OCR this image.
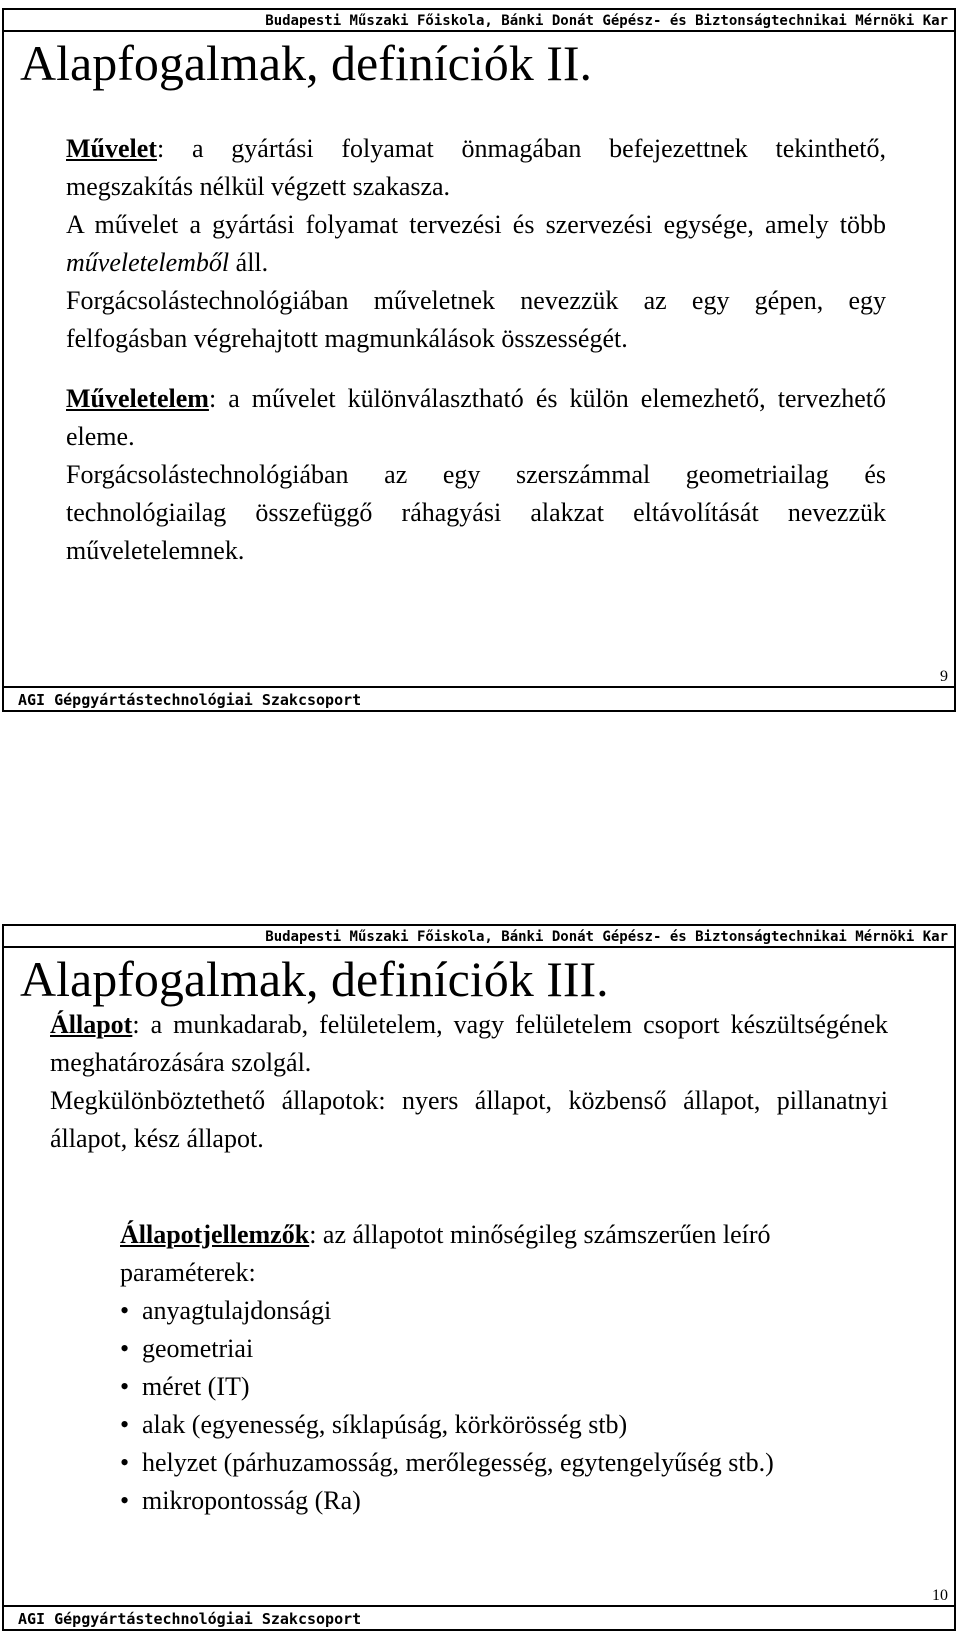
Budapesti Műszaki Főiskola, Bánki Donát Gépész- és Biztonságtechnikai Mérnöki Kar
Alapfogalmak, definíciók II.

Művelet: a gyártási folyamat önmagában befejezettnek tekinthető, megszakítás nélkül végzett szakasza.

A művelet a gyártási folyamat tervezési és szervezési egysége, amely több műveletelemből áll.

Forgácsolástechnológiában műveletnek nevezzük az egy gépen, egy felfogásban végrehajtott magmunkálások összességét.

Műveletelem: a művelet különválasztható és külön elemezhető, tervezhető eleme.

Forgácsolástechnológiában az egy szerszámmal geometriailag és technológiailag összefüggő ráhagyási alakzat eltávolítását nevezzük műveletelemnek.

9
AGI Gépgyártástechnológiai Szakcsoport
Budapesti Műszaki Főiskola, Bánki Donát Gépész- és Biztonságtechnikai Mérnöki Kar
Alapfogalmak, definíciók III.

Állapot: a munkadarab, felületelem, vagy felületelem csoport készültségének meghatározására szolgál.

Megkülönböztethető állapotok: nyers állapot, közbenső állapot, pillanatnyi állapot, kész állapot.

Állapotjellemzők: az állapotot minőségileg számszerűen leíró paraméterek:

• anyagtulajdonsági
• geometriai
• méret (IT)
• alak (egyenesség, síklapúság, körkörösség stb)
• helyzet (párhuzamosság, merőlegesség, egytengelyűség stb.)
• mikropontosság (Ra)
10
AGI Gépgyártástechnológiai Szakcsoport
